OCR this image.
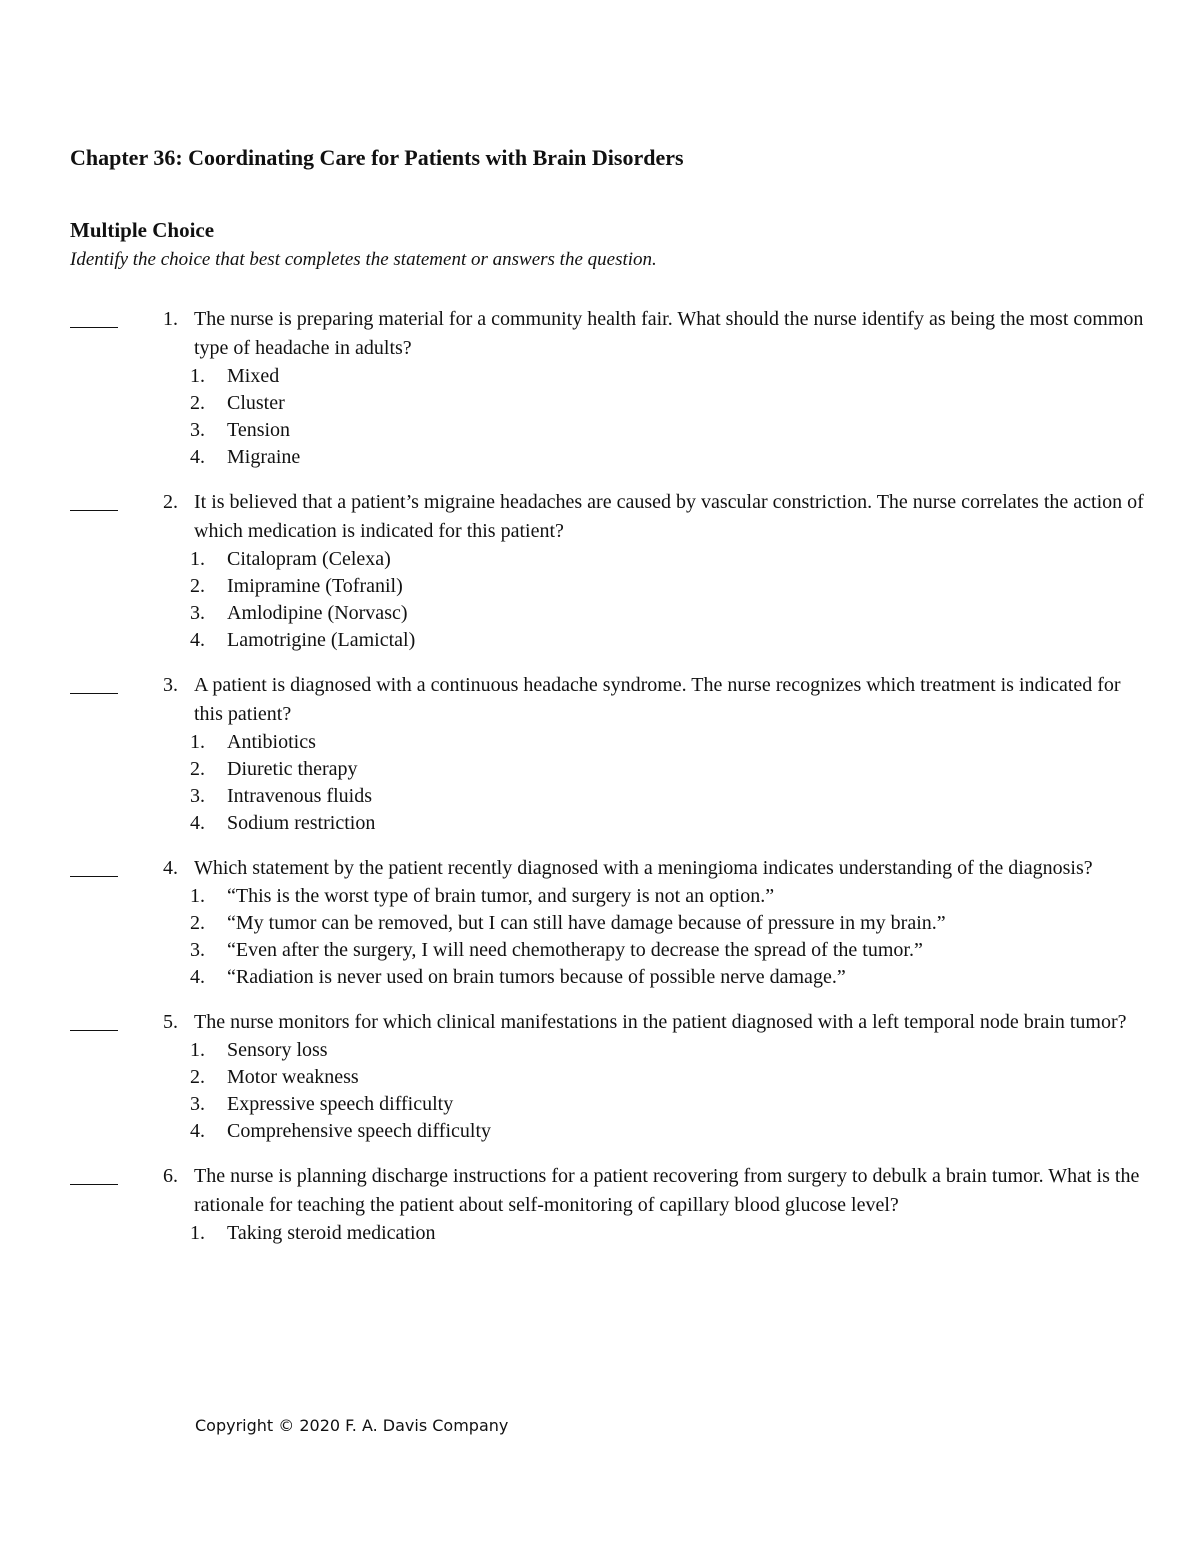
Chapter 36: Coordinating Care for Patients with Brain Disorders
Multiple Choice
Identify the choice that best completes the statement or answers the question.
1. The nurse is preparing material for a community health fair. What should the nurse identify as being the most common type of headache in adults?
1. Mixed
2. Cluster
3. Tension
4. Migraine
2. It is believed that a patient’s migraine headaches are caused by vascular constriction. The nurse correlates the action of which medication is indicated for this patient?
1. Citalopram (Celexa)
2. Imipramine (Tofranil)
3. Amlodipine (Norvasc)
4. Lamotrigine (Lamictal)
3. A patient is diagnosed with a continuous headache syndrome. The nurse recognizes which treatment is indicated for this patient?
1. Antibiotics
2. Diuretic therapy
3. Intravenous fluids
4. Sodium restriction
4. Which statement by the patient recently diagnosed with a meningioma indicates understanding of the diagnosis?
1. “This is the worst type of brain tumor, and surgery is not an option.”
2. “My tumor can be removed, but I can still have damage because of pressure in my brain.”
3. “Even after the surgery, I will need chemotherapy to decrease the spread of the tumor.”
4. “Radiation is never used on brain tumors because of possible nerve damage.”
5. The nurse monitors for which clinical manifestations in the patient diagnosed with a left temporal node brain tumor?
1. Sensory loss
2. Motor weakness
3. Expressive speech difficulty
4. Comprehensive speech difficulty
6. The nurse is planning discharge instructions for a patient recovering from surgery to debulk a brain tumor. What is the rationale for teaching the patient about self-monitoring of capillary blood glucose level?
1. Taking steroid medication
Copyright © 2020 F. A. Davis Company
